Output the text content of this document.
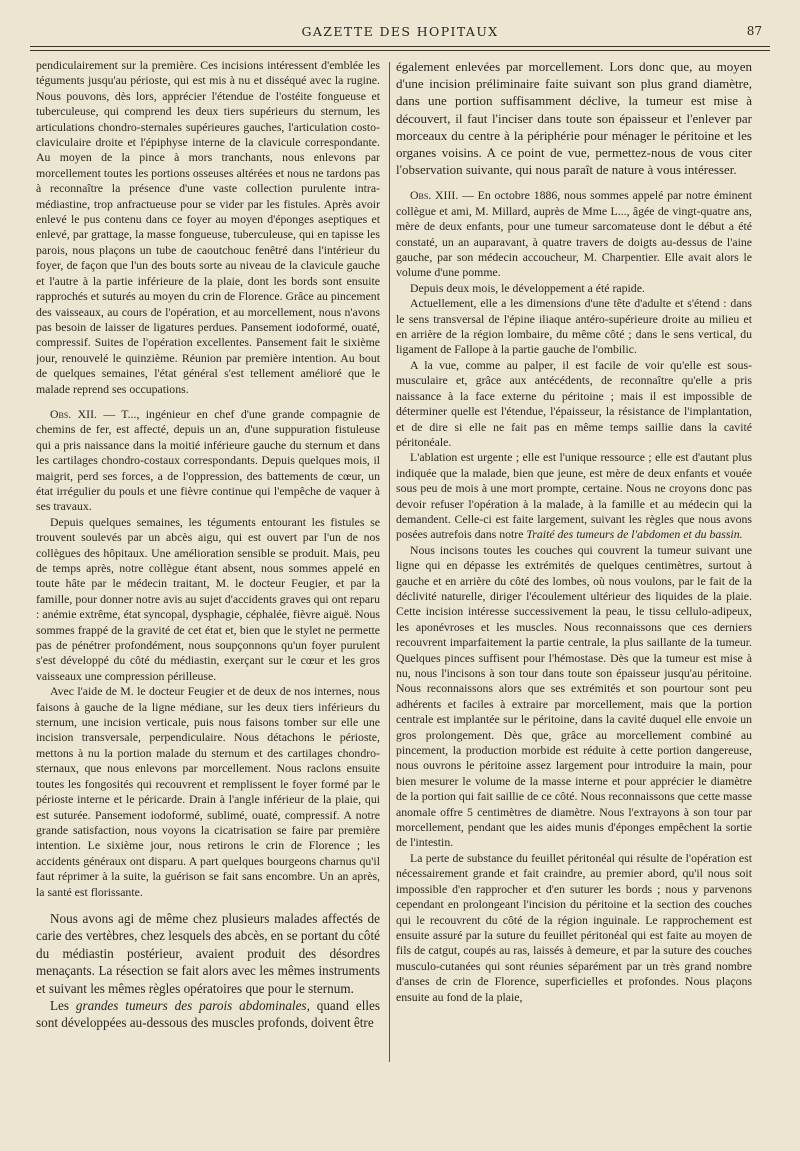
GAZETTE DES HOPITAUX	87

pendiculairement sur la première. Ces incisions intéressent d'emblée les téguments jusqu'au périoste, qui est mis à nu et disséqué avec la rugine. Nous pouvons, dès lors, apprécier l'étendue de l'ostéite fongueuse et tuberculeuse, qui comprend les deux tiers supérieurs du sternum, les articulations chondro-sternales supérieures gauches, l'articulation costo-claviculaire droite et l'épiphyse interne de la clavicule correspondante. Au moyen de la pince à mors tranchants, nous enlevons par morcellement toutes les portions osseuses altérées et nous ne tardons pas à reconnaître la présence d'une vaste collection purulente intra-médiastine, trop anfractueuse pour se vider par les fistules. Après avoir enlevé le pus contenu dans ce foyer au moyen d'éponges aseptiques et enlevé, par grattage, la masse fongueuse, tuberculeuse, qui en tapisse les parois, nous plaçons un tube de caoutchouc fenêtré dans l'intérieur du foyer, de façon que l'un des bouts sorte au niveau de la clavicule gauche et l'autre à la partie inférieure de la plaie, dont les bords sont ensuite rapprochés et suturés au moyen du crin de Florence. Grâce au pincement des vaisseaux, au cours de l'opération, et au morcellement, nous n'avons pas besoin de laisser de ligatures perdues. Pansement iodoformé, ouaté, compressif. Suites de l'opération excellentes. Pansement fait le sixième jour, renouvelé le quinzième. Réunion par première intention. Au bout de quelques semaines, l'état général s'est tellement amélioré que le malade reprend ses occupations.

Obs. XII. — T..., ingénieur en chef d'une grande compagnie de chemins de fer, est affecté, depuis un an, d'une suppuration fistuleuse qui a pris naissance dans la moitié inférieure gauche du sternum et dans les cartilages chondro-costaux correspondants. Depuis quelques mois, il maigrit, perd ses forces, a de l'oppression, des battements de cœur, un état irrégulier du pouls et une fièvre continue qui l'empêche de vaquer à ses travaux.

Depuis quelques semaines, les téguments entourant les fistules se trouvent soulevés par un abcès aigu, qui est ouvert par l'un de nos collègues des hôpitaux. Une amélioration sensible se produit. Mais, peu de temps après, notre collègue étant absent, nous sommes appelé en toute hâte par le médecin traitant, M. le docteur Feugier, et par la famille, pour donner notre avis au sujet d'accidents graves qui ont reparu : anémie extrême, état syncopal, dysphagie, céphalée, fièvre aiguë. Nous sommes frappé de la gravité de cet état et, bien que le stylet ne permette pas de pénétrer profondément, nous soupçonnons qu'un foyer purulent s'est développé du côté du médiastin, exerçant sur le cœur et les gros vaisseaux une compression périlleuse.

Avec l'aide de M. le docteur Feugier et de deux de nos internes, nous faisons à gauche de la ligne médiane, sur les deux tiers inférieurs du sternum, une incision verticale, puis nous faisons tomber sur elle une incision transversale, perpendiculaire. Nous détachons le périoste, mettons à nu la portion malade du sternum et des cartilages chondro-sternaux, que nous enlevons par morcellement. Nous raclons ensuite toutes les fongosités qui recouvrent et remplissent le foyer formé par le périoste interne et le péricarde. Drain à l'angle inférieur de la plaie, qui est suturée. Pansement iodoformé, sublimé, ouaté, compressif. A notre grande satisfaction, nous voyons la cicatrisation se faire par première intention. Le sixième jour, nous retirons le crin de Florence ; les accidents généraux ont disparu. A part quelques bourgeons charnus qu'il faut réprimer à la suite, la guérison se fait sans encombre. Un an après, la santé est florissante.

Nous avons agi de même chez plusieurs malades affectés de carie des vertèbres, chez lesquels des abcès, en se portant du côté du médiastin postérieur, avaient produit des désordres menaçants. La résection se fait alors avec les mêmes instruments et suivant les mêmes règles opératoires que pour le sternum.

Les grandes tumeurs des parois abdominales, quand elles sont développées au-dessous des muscles profonds, doivent être

également enlevées par morcellement. Lors donc que, au moyen d'une incision préliminaire faite suivant son plus grand diamètre, dans une portion suffisamment déclive, la tumeur est mise à découvert, il faut l'inciser dans toute son épaisseur et l'enlever par morceaux du centre à la périphérie pour ménager le péritoine et les organes voisins. A ce point de vue, permettez-nous de vous citer l'observation suivante, qui nous paraît de nature à vous intéresser.

Obs. XIII. — En octobre 1886, nous sommes appelé par notre éminent collègue et ami, M. Millard, auprès de Mme L..., âgée de vingt-quatre ans, mère de deux enfants, pour une tumeur sarcomateuse dont le début a été constaté, un an auparavant, à quatre travers de doigts au-dessus de l'aine gauche, par son médecin accoucheur, M. Charpentier. Elle avait alors le volume d'une pomme.

Depuis deux mois, le développement a été rapide.

Actuellement, elle a les dimensions d'une tête d'adulte et s'étend : dans le sens transversal de l'épine iliaque antéro-supérieure droite au milieu et en arrière de la région lombaire, du même côté ; dans le sens vertical, du ligament de Fallope à la partie gauche de l'ombilic.

A la vue, comme au palper, il est facile de voir qu'elle est sous-musculaire et, grâce aux antécédents, de reconnaître qu'elle a pris naissance à la face externe du péritoine ; mais il est impossible de déterminer quelle est l'étendue, l'épaisseur, la résistance de l'implantation, et de dire si elle ne fait pas en même temps saillie dans la cavité péritonéale.

L'ablation est urgente ; elle est l'unique ressource ; elle est d'autant plus indiquée que la malade, bien que jeune, est mère de deux enfants et vouée sous peu de mois à une mort prompte, certaine. Nous ne croyons donc pas devoir refuser l'opération à la malade, à la famille et au médecin qui la demandent. Celle-ci est faite largement, suivant les règles que nous avons posées autrefois dans notre Traité des tumeurs de l'abdomen et du bassin.

Nous incisons toutes les couches qui couvrent la tumeur suivant une ligne qui en dépasse les extrémités de quelques centimètres, surtout à gauche et en arrière du côté des lombes, où nous voulons, par le fait de la déclivité naturelle, diriger l'écoulement ultérieur des liquides de la plaie. Cette incision intéresse successivement la peau, le tissu cellulo-adipeux, les aponévroses et les muscles. Nous reconnaissons que ces derniers recouvrent imparfaitement la partie centrale, la plus saillante de la tumeur. Quelques pinces suffisent pour l'hémostase. Dès que la tumeur est mise à nu, nous l'incisons à son tour dans toute son épaisseur jusqu'au péritoine. Nous reconnaissons alors que ses extrémités et son pourtour sont peu adhérents et faciles à extraire par morcellement, mais que la portion centrale est implantée sur le péritoine, dans la cavité duquel elle envoie un gros prolongement. Dès que, grâce au morcellement combiné au pincement, la production morbide est réduite à cette portion dangereuse, nous ouvrons le péritoine assez largement pour introduire la main, pour bien mesurer le volume de la masse interne et pour apprécier le diamètre de la portion qui fait saillie de ce côté. Nous reconnaissons que cette masse anomale offre 5 centimètres de diamètre. Nous l'extrayons à son tour par morcellement, pendant que les aides munis d'éponges empêchent la sortie de l'intestin.

La perte de substance du feuillet péritonéal qui résulte de l'opération est nécessairement grande et fait craindre, au premier abord, qu'il nous soit impossible d'en rapprocher et d'en suturer les bords ; nous y parvenons cependant en prolongeant l'incision du péritoine et la section des couches qui le recouvrent du côté de la région inguinale. Le rapprochement est ensuite assuré par la suture du feuillet péritonéal qui est faite au moyen de fils de catgut, coupés au ras, laissés à demeure, et par la suture des couches musculo-cutanées qui sont réunies séparément par un très grand nombre d'anses de crin de Florence, superficielles et profondes. Nous plaçons ensuite au fond de la plaie,
